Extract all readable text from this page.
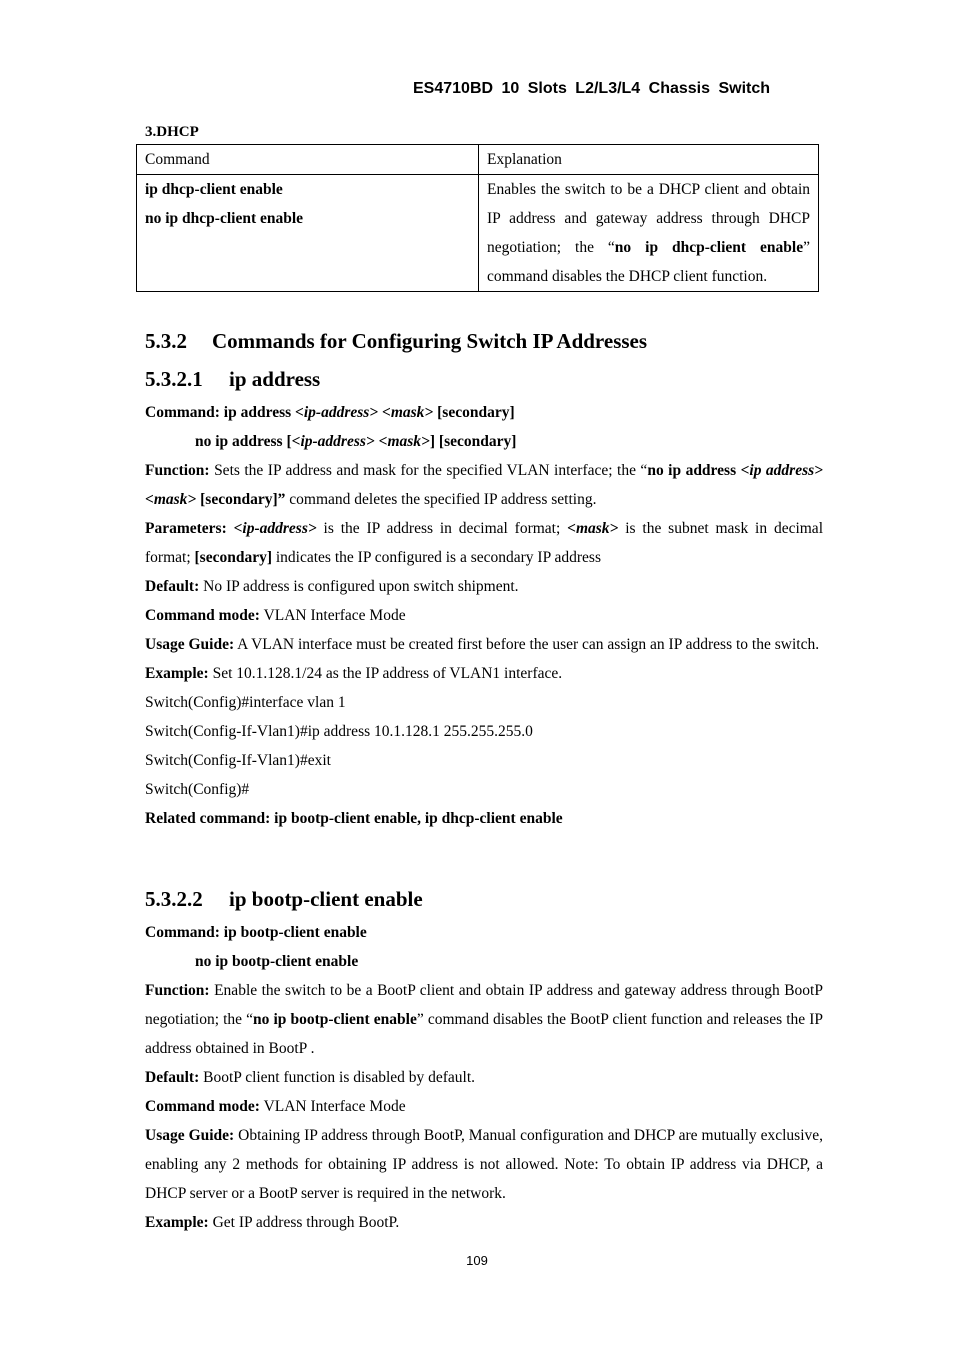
ES4710BD 10 Slots L2/L3/L4 Chassis Switch
3.DHCP
Command	Explanation

ip dhcp-client enable
no ip dhcp-client enable	Enables the switch to be a DHCP client and obtain IP address and gateway address through DHCP negotiation; the “no ip dhcp-client enable” command disables the DHCP client function.
5.3.2 Commands for Configuring Switch IP Addresses
5.3.2.1 ip address

Command: ip address <ip-address> <mask> [secondary]

no ip address [<ip-address> <mask>] [secondary]

Function: Sets the IP address and mask for the specified VLAN interface; the “no ip address <ip address> <mask> [secondary]” command deletes the specified IP address setting.

Parameters: <ip-address> is the IP address in decimal format; <mask> is the subnet mask in decimal format; [secondary] indicates the IP configured is a secondary IP address

Default: No IP address is configured upon switch shipment.

Command mode: VLAN Interface Mode

Usage Guide: A VLAN interface must be created first before the user can assign an IP address to the switch.

Example: Set 10.1.128.1/24 as the IP address of VLAN1 interface.

Switch(Config)#interface vlan 1

Switch(Config-If-Vlan1)#ip address 10.1.128.1 255.255.255.0

Switch(Config-If-Vlan1)#exit

Switch(Config)#

Related command: ip bootp-client enable, ip dhcp-client enable

5.3.2.2 ip bootp-client enable

Command: ip bootp-client enable

no ip bootp-client enable

Function: Enable the switch to be a BootP client and obtain IP address and gateway address through BootP negotiation; the “no ip bootp-client enable” command disables the BootP client function and releases the IP address obtained in BootP .

Default: BootP client function is disabled by default.

Command mode: VLAN Interface Mode

Usage Guide: Obtaining IP address through BootP, Manual configuration and DHCP are mutually exclusive, enabling any 2 methods for obtaining IP address is not allowed. Note: To obtain IP address via DHCP, a DHCP server or a BootP server is required in the network.

Example: Get IP address through BootP.

109
